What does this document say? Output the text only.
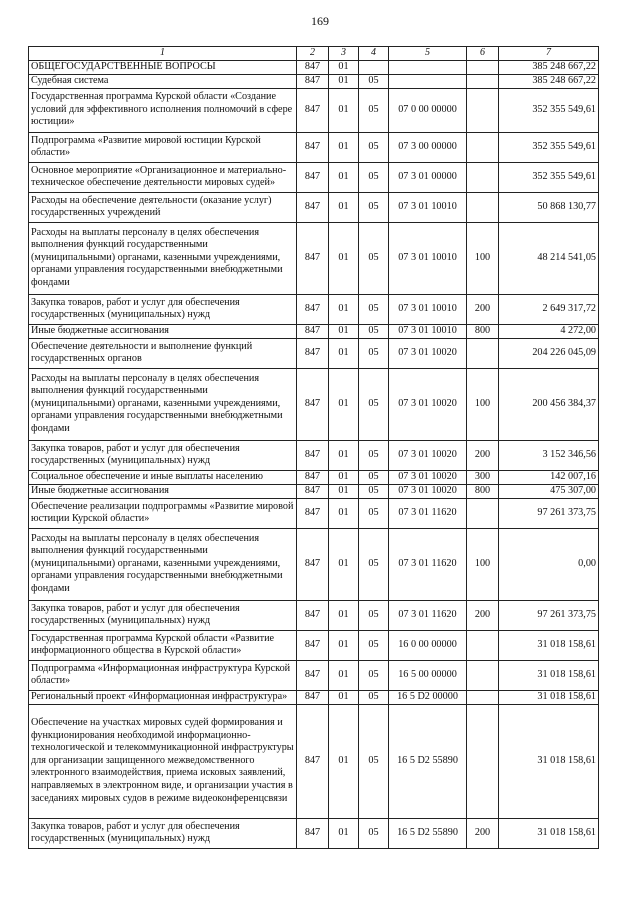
169
1	2	3	4	5	6	7
ОБЩЕГОСУДАРСТВЕННЫЕ ВОПРОСЫ	847	01				385 248 667,22
Судебная система	847	01	05			385 248 667,22
Государственная программа Курской области «Создание условий для эффективного исполнения полномочий в сфере юстиции»	847	01	05	07 0 00 00000		352 355 549,61
Подпрограмма «Развитие мировой юстиции Курской области»	847	01	05	07 3 00 00000		352 355 549,61
Основное мероприятие «Организационное и материально-техническое обеспечение деятельности мировых судей»	847	01	05	07 3 01 00000		352 355 549,61
Расходы на обеспечение деятельности (оказание услуг) государственных учреждений	847	01	05	07 3 01 10010		50 868 130,77
Расходы на выплаты персоналу в целях обеспечения выполнения функций государственными (муниципальными) органами, казенными учреждениями, органами управления государственными внебюджетными фондами	847	01	05	07 3 01 10010	100	48 214 541,05
Закупка товаров, работ и услуг для обеспечения государственных (муниципальных) нужд	847	01	05	07 3 01 10010	200	2 649 317,72
Иные бюджетные ассигнования	847	01	05	07 3 01 10010	800	4 272,00
Обеспечение деятельности и выполнение функций государственных органов	847	01	05	07 3 01 10020		204 226 045,09
Расходы на выплаты персоналу в целях обеспечения выполнения функций государственными (муниципальными) органами, казенными учреждениями, органами управления государственными внебюджетными фондами	847	01	05	07 3 01 10020	100	200 456 384,37
Закупка товаров, работ и услуг для обеспечения государственных (муниципальных) нужд	847	01	05	07 3 01 10020	200	3 152 346,56
Социальное обеспечение и иные выплаты населению	847	01	05	07 3 01 10020	300	142 007,16
Иные бюджетные ассигнования	847	01	05	07 3 01 10020	800	475 307,00
Обеспечение реализации подпрограммы «Развитие мировой юстиции Курской области»	847	01	05	07 3 01 11620		97 261 373,75
Расходы на выплаты персоналу в целях обеспечения выполнения функций государственными (муниципальными) органами, казенными учреждениями, органами управления государственными внебюджетными фондами	847	01	05	07 3 01 11620	100	0,00
Закупка товаров, работ и услуг для обеспечения государственных (муниципальных) нужд	847	01	05	07 3 01 11620	200	97 261 373,75
Государственная программа Курской области «Развитие информационного общества в Курской области»	847	01	05	16 0 00 00000		31 018 158,61
Подпрограмма «Информационная инфраструктура Курской области»	847	01	05	16 5 00 00000		31 018 158,61
Региональный проект «Информационная инфраструктура»	847	01	05	16 5 D2 00000		31 018 158,61
Обеспечение на участках мировых судей формирования и функционирования необходимой информационно-технологической и телекоммуникационной инфраструктуры для организации защищенного межведомственного электронного взаимодействия, приема исковых заявлений, направляемых в электронном виде, и организации участия в заседаниях мировых судов в режиме видеоконференцсвязи	847	01	05	16 5 D2 55890		31 018 158,61
Закупка товаров, работ и услуг для обеспечения государственных (муниципальных) нужд	847	01	05	16 5 D2 55890	200	31 018 158,61
